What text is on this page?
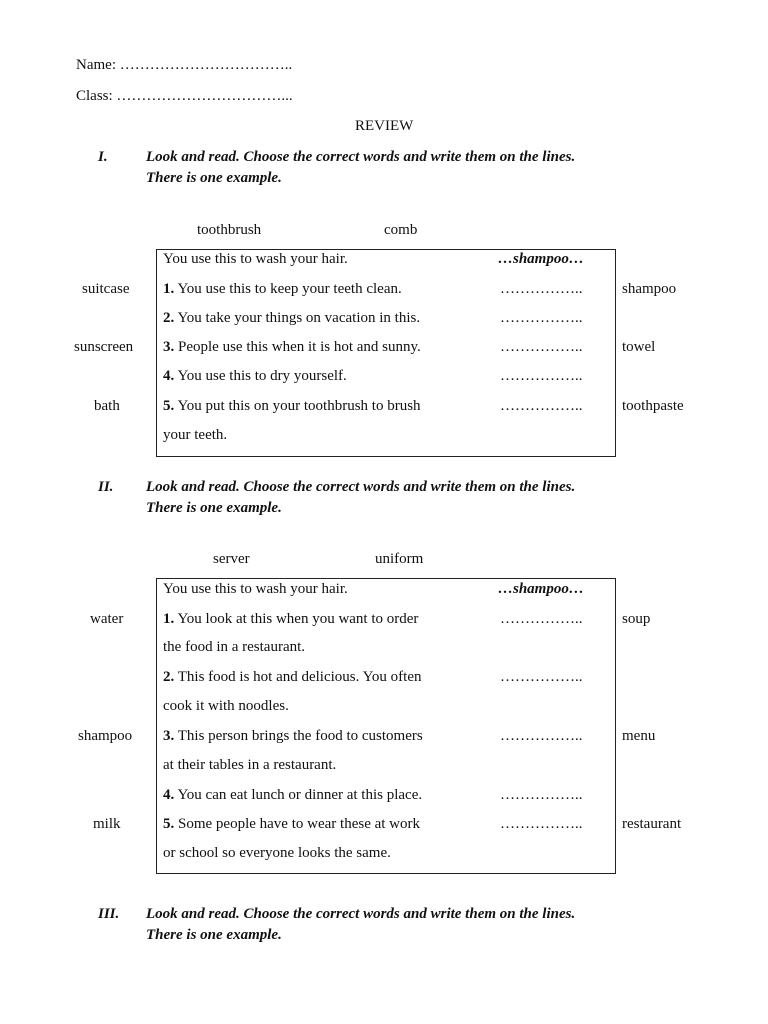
Name: ……………………………..
Class: ……………………………...
REVIEW
I.	Look and read. Choose the correct words and write them on the lines.
There is one example.
toothbrush	comb
suitcase
sunscreen
bath
shampoo
towel
toothpaste
You use this to wash your hair.	…shampoo…
1. You use this to keep your teeth clean.	……………..
2. You take your things on vacation in this.	……………..
3. People use this when it is hot and sunny.	……………..
4. You use this to dry yourself.	……………..
5. You put this on your toothbrush to brush
your teeth.
……………..
II. Look and read. Choose the correct words and write them on the lines.
There is one example.
server	uniform
water
shampoo
milk
soup
menu
restaurant
You use this to wash your hair.	…shampoo…
1. You look at this when you want to order
the food in a restaurant.
……………..
2. This food is hot and delicious. You often
cook it with noodles.
……………..
3. This person brings the food to customers
at their tables in a restaurant.
……………..
4. You can eat lunch or dinner at this place.	……………..
5. Some people have to wear these at work
or school so everyone looks the same.
……………..
III. Look and read. Choose the correct words and write them on the lines.
There is one example.
